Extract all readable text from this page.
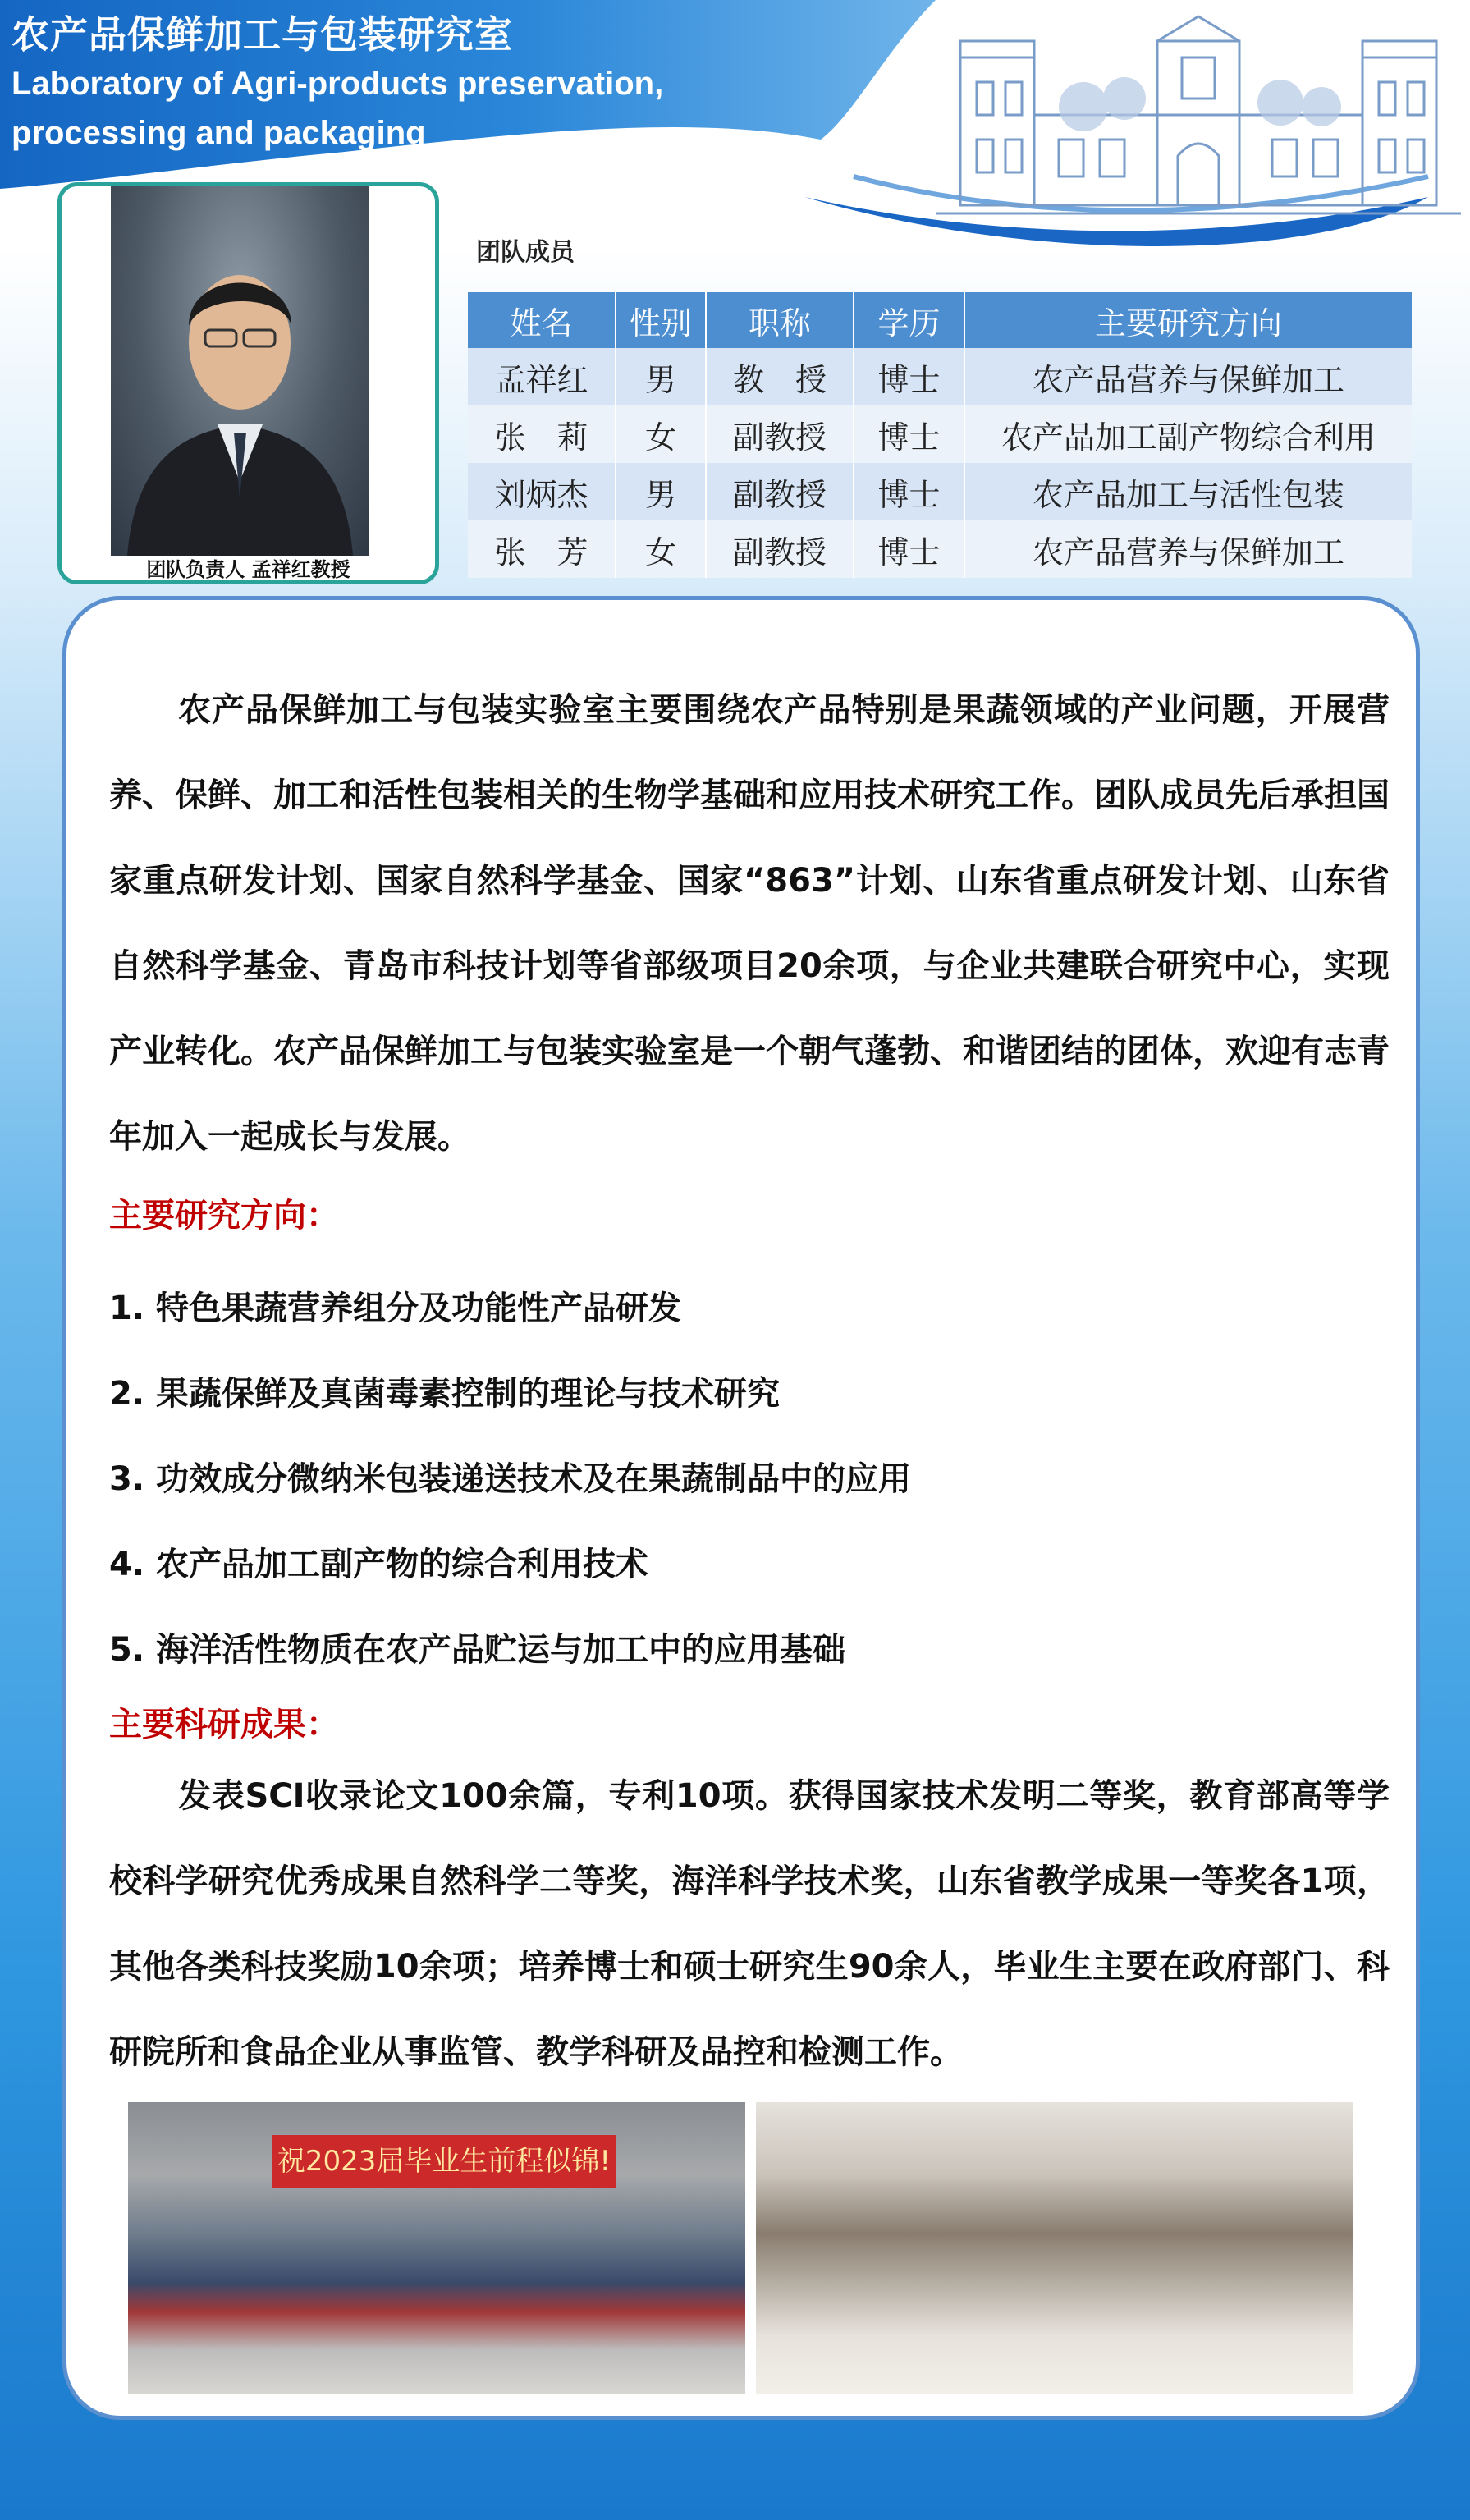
农产品保鲜加工与包装研究室

Laboratory of Agri-products preservation, processing and packaging

团队负责人 孟祥红教授
团队成员
姓名	性别	职称	学历	主要研究方向
孟祥红	男	教　授	博士	农产品营养与保鲜加工
张　莉	女	副教授	博士	农产品加工副产物综合利用
刘炳杰	男	副教授	博士	农产品加工与活性包装
张　芳	女	副教授	博士	农产品营养与保鲜加工

农产品保鲜加工与包装实验室主要围绕农产品特别是果蔬领域的产业问题，开展营养、保鲜、加工和活性包装相关的生物学基础和应用技术研究工作。团队成员先后承担国家重点研发计划、国家自然科学基金、国家“863”计划、山东省重点研发计划、山东省自然科学基金、青岛市科技计划等省部级项目20余项，与企业共建联合研究中心，实现产业转化。农产品保鲜加工与包装实验室是一个朝气蓬勃、和谐团结的团体，欢迎有志青年加入一起成长与发展。

主要研究方向：
1. 特色果蔬营养组分及功能性产品研发
2. 果蔬保鲜及真菌毒素控制的理论与技术研究
3. 功效成分微纳米包装递送技术及在果蔬制品中的应用
4. 农产品加工副产物的综合利用技术
5. 海洋活性物质在农产品贮运与加工中的应用基础
主要科研成果：

发表SCI收录论文100余篇，专利10项。获得国家技术发明二等奖，教育部高等学校科学研究优秀成果自然科学二等奖，海洋科学技术奖，山东省教学成果一等奖各1项，其他各类科技奖励10余项；培养博士和硕士研究生90余人，毕业生主要在政府部门、科研院所和食品企业从事监管、教学科研及品控和检测工作。

祝2023届毕业生前程似锦!
